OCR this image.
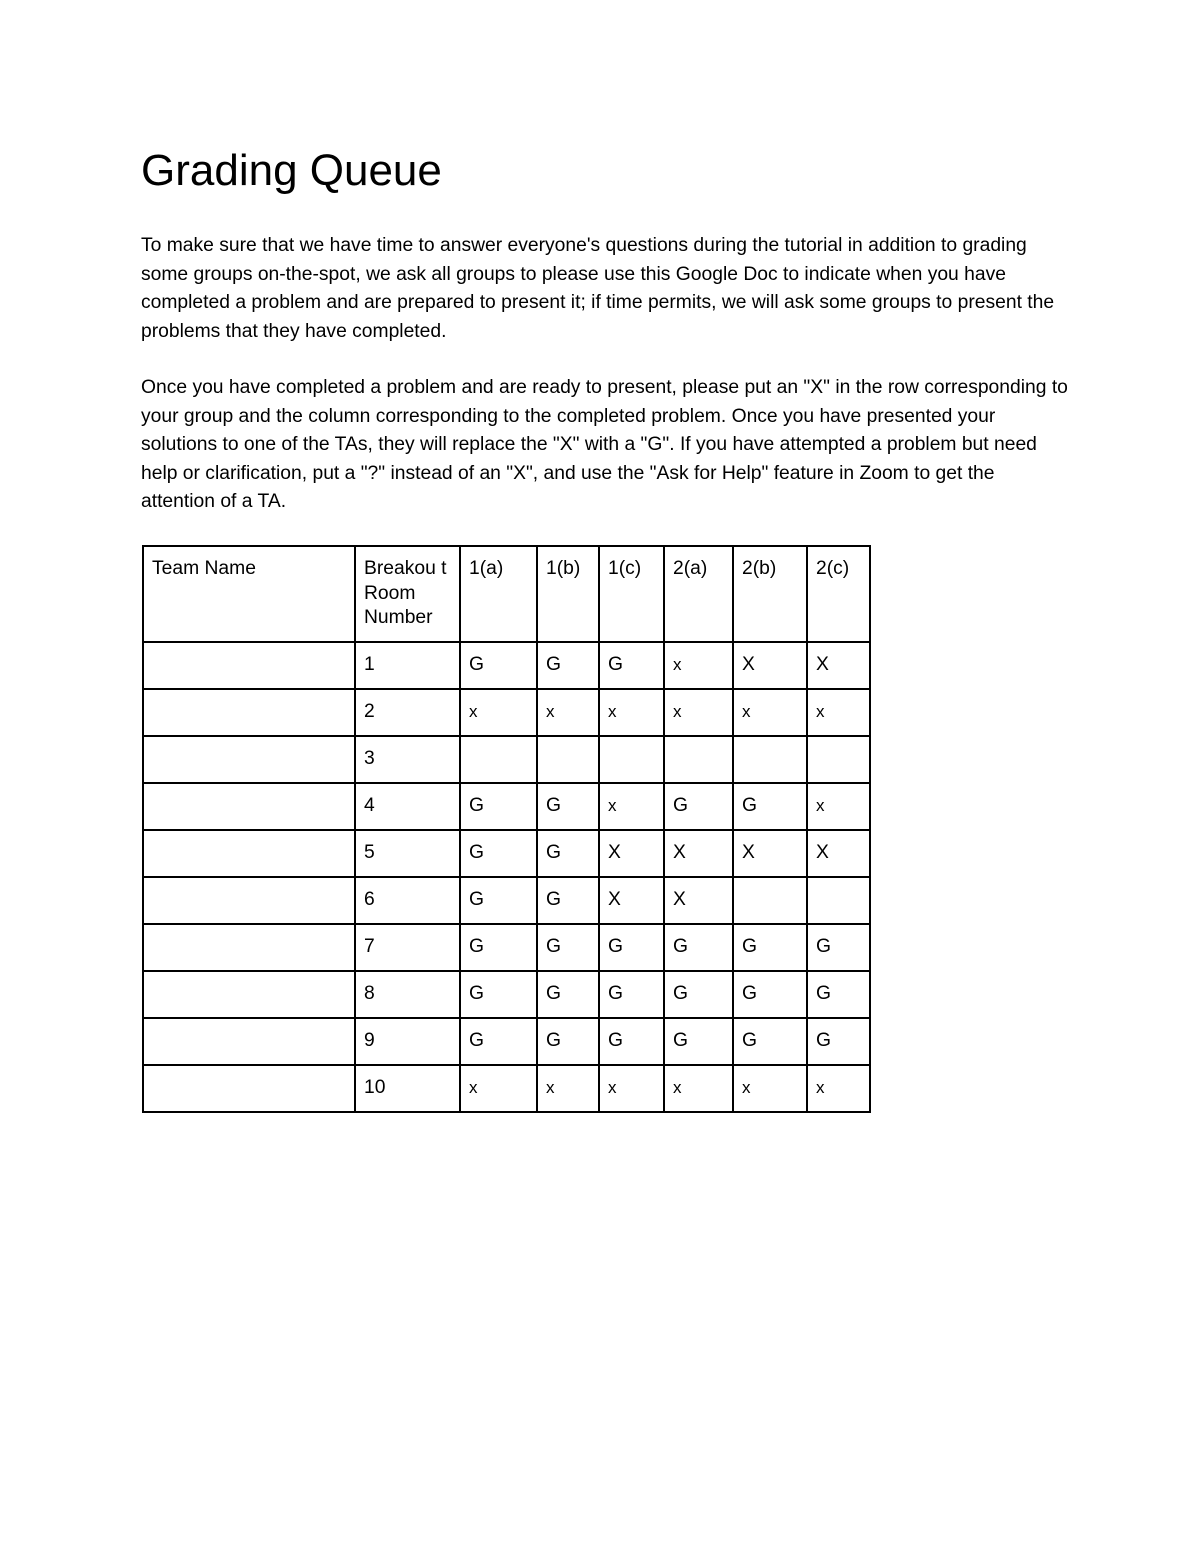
Grading Queue

To make sure that we have time to answer everyone's questions during the tutorial in addition to grading some groups on-the-spot, we ask all groups to please use this Google Doc to indicate when you have completed a problem and are prepared to present it; if time permits, we will ask some groups to present the problems that they have completed.

Once you have completed a problem and are ready to present, please put an "X" in the row corresponding to your group and the column corresponding to the completed problem. Once you have presented your solutions to one of the TAs, they will replace the "X" with a "G". If you have attempted a problem but need help or clarification, put a "?" instead of an "X", and use the "Ask for Help" feature in Zoom to get the attention of a TA.

Team Name	Breakou t Room Number	1(a)	1(b)	1(c)	2(a)	2(b)	2(c)
	1	G	G	G	x	X	X
	2	x	x	x	x	x	x
	3						
	4	G	G	x	G	G	x
	5	G	G	X	X	X	X
	6	G	G	X	X		
	7	G	G	G	G	G	G
	8	G	G	G	G	G	G
	9	G	G	G	G	G	G
	10	x	x	x	x	x	x
